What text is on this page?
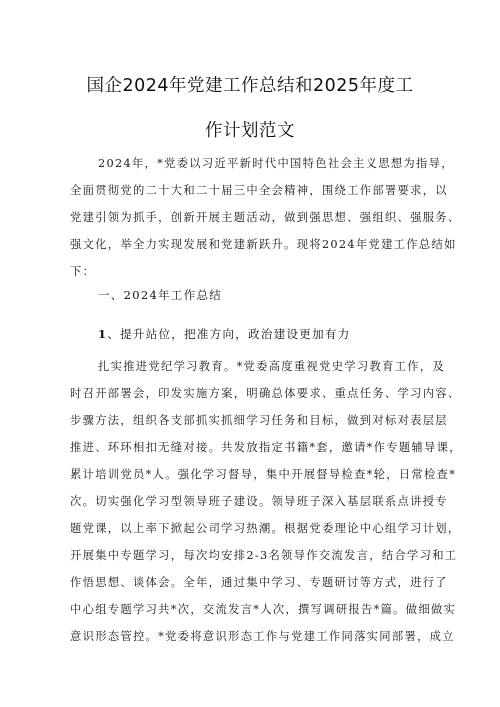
国企2024年党建工作总结和2025年度工
作计划范文
2024年，*党委以习近平新时代中国特色社会主义思想为指导，
全面贯彻党的二十大和二十届三中全会精神，围绕工作部署要求，以
党建引领为抓手，创新开展主题活动，做到强思想、强组织、强服务、
强文化，举全力实现发展和党建新跃升。现将2024年党建工作总结如
下：
一、2024年工作总结
1、提升站位，把准方向，政治建设更加有力
扎实推进党纪学习教育。*党委高度重视党史学习教育工作，及
时召开部署会，印发实施方案，明确总体要求、重点任务、学习内容、
步骤方法，组织各支部抓实抓细学习任务和目标，做到对标对表层层
推进、环环相扣无缝对接。共发放指定书籍*套，邀请*作专题辅导课，
累计培训党员*人。强化学习督导，集中开展督导检查*轮，日常检查*
次。切实强化学习型领导班子建设。领导班子深入基层联系点讲授专
题党课，以上率下掀起公司学习热潮。根据党委理论中心组学习计划，
开展集中专题学习，每次均安排2-3名领导作交流发言，结合学习和工
作悟思想、谈体会。全年，通过集中学习、专题研讨等方式，进行了
中心组专题学习共*次，交流发言*人次，撰写调研报告*篇。做细做实
意识形态管控。*党委将意识形态工作与党建工作同落实同部署，成立
